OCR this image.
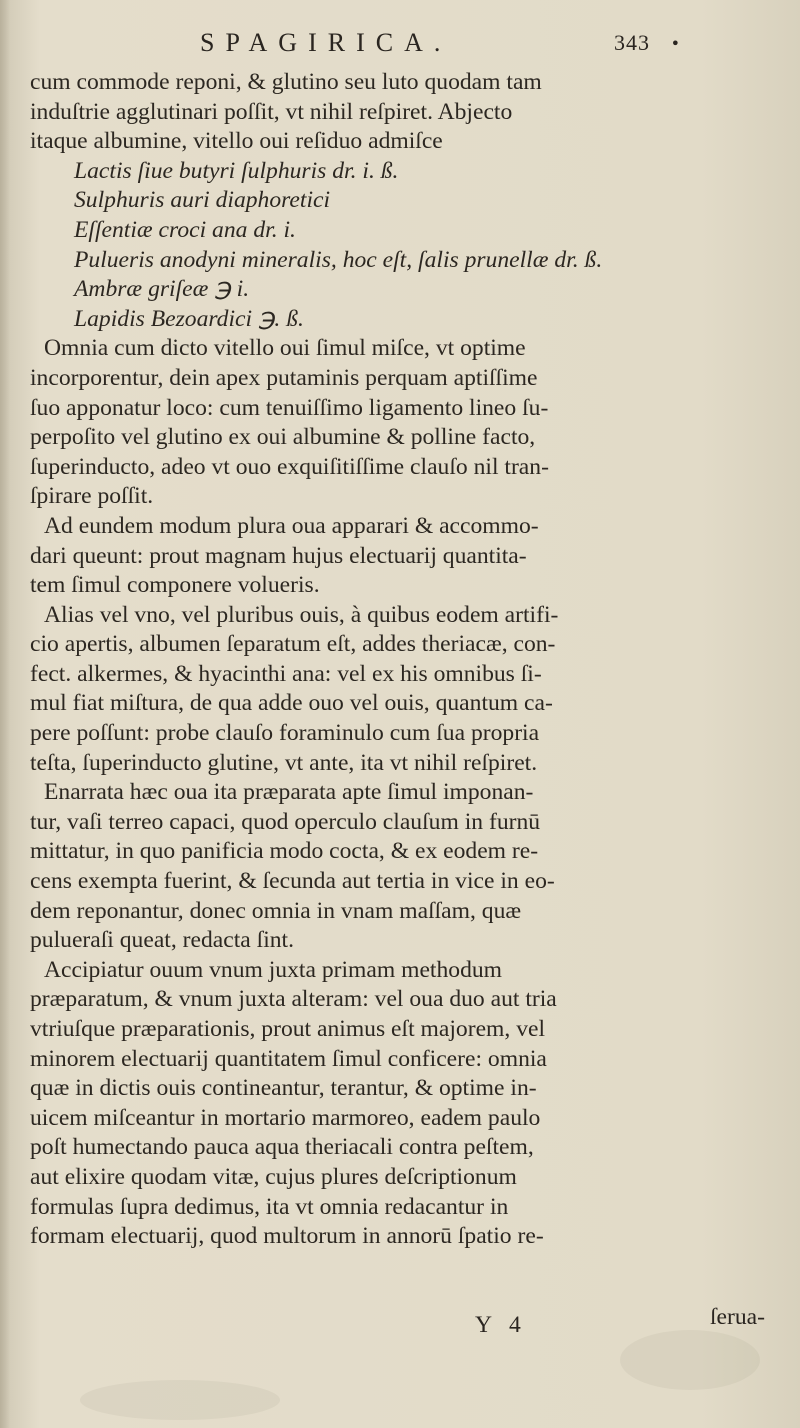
SPAGIRICA.	343 •
cum commode reponi, & glutino seu luto quodam tam
induſtrie agglutinari poſſit, vt nihil reſpiret. Abjecto
itaque albumine, vitello oui reſiduo admiſce
Lactis ſiue butyri ſulphuris dr. i. ß.
Sulphuris auri diaphoretici
Eſſentiæ croci ana dr. i.
Pulueris anodyni mineralis, hoc eſt, ſalis prunellæ dr. ß.
Ambræ griſeæ ℈ i.
Lapidis Bezoardici ℈. ß.
Omnia cum dicto vitello oui ſimul miſce, vt optime
incorporentur, dein apex putaminis perquam aptiſſime
ſuo apponatur loco: cum tenuiſſimo ligamento lineo ſu-
perpoſito vel glutino ex oui albumine & polline facto,
ſuperinducto, adeo vt ouo exquiſitiſſime clauſo nil tran-
ſpirare poſſit.
Ad eundem modum plura oua apparari & accommo-
dari queunt: prout magnam hujus electuarij quantita-
tem ſimul componere volueris.
Alias vel vno, vel pluribus ouis, à quibus eodem artifi-
cio apertis, albumen ſeparatum eſt, addes theriacæ, con-
fect. alkermes, & hyacinthi ana: vel ex his omnibus ſi-
mul fiat miſtura, de qua adde ouo vel ouis, quantum ca-
pere poſſunt: probe clauſo foraminulo cum ſua propria
teſta, ſuperinducto glutine, vt ante, ita vt nihil reſpiret.
Enarrata hæc oua ita præparata apte ſimul imponan-
tur, vaſi terreo capaci, quod operculo clauſum in furnū
mittatur, in quo panificia modo cocta, & ex eodem re-
cens exempta fuerint, & ſecunda aut tertia in vice in eo-
dem reponantur, donec omnia in vnam maſſam, quæ
pulueraſi queat, redacta ſint.
Accipiatur ouum vnum juxta primam methodum
præparatum, & vnum juxta alteram: vel oua duo aut tria
vtriuſque præparationis, prout animus eſt majorem, vel
minorem electuarij quantitatem ſimul conficere: omnia
quæ in dictis ouis contineantur, terantur, & optime in-
uicem miſceantur in mortario marmoreo, eadem paulo
poſt humectando pauca aqua theriacali contra peſtem,
aut elixire quodam vitæ, cujus plures deſcriptionum
formulas ſupra dedimus, ita vt omnia redacantur in
formam electuarij, quod multorum in annorū ſpatio re-
Y 4	ſerua-
